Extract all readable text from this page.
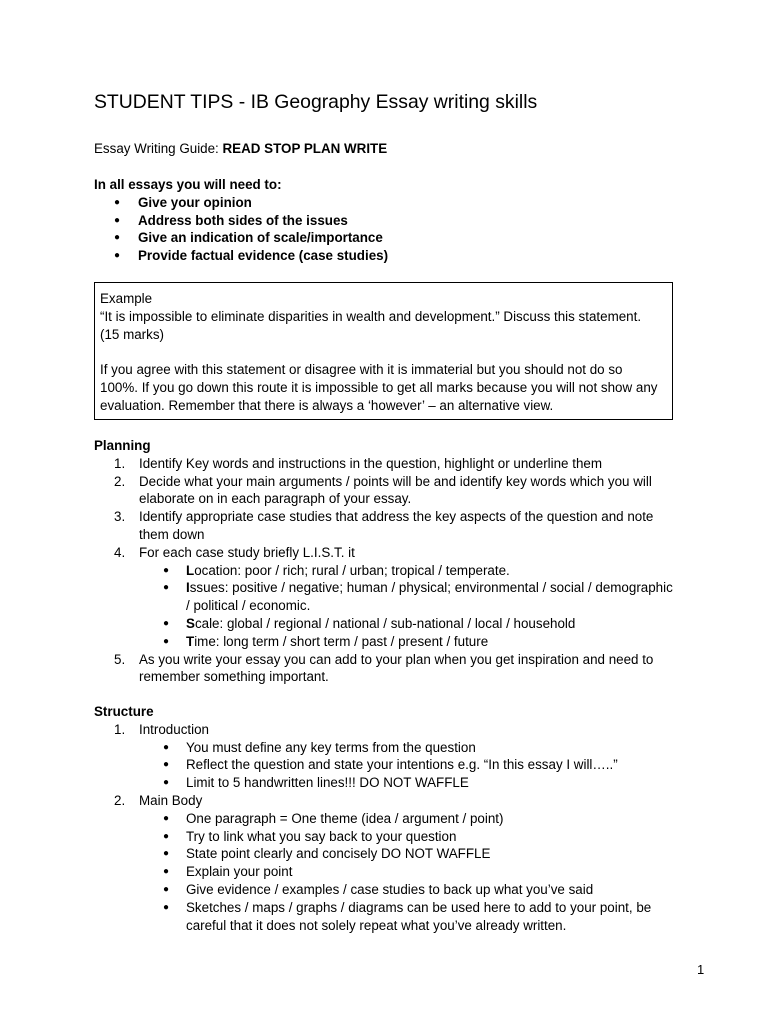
STUDENT TIPS - IB Geography Essay writing skills
Essay Writing Guide: READ STOP PLAN WRITE
In all essays you will need to:
● Give your opinion
● Address both sides of the issues
● Give an indication of scale/importance
● Provide factual evidence (case studies)

Example

“It is impossible to eliminate disparities in wealth and development.” Discuss this statement. (15 marks)

If you agree with this statement or disagree with it is immaterial but you should not do so 100%. If you go down this route it is impossible to get all marks because you will not show any evaluation. Remember that there is always a ‘however’ – an alternative view.

Planning
1. Identify Key words and instructions in the question, highlight or underline them
2. Decide what your main arguments / points will be and identify key words which you will elaborate on in each paragraph of your essay.
3. Identify appropriate case studies that address the key aspects of the question and note them down
4. For each case study briefly L.I.S.T. it
● Location: poor / rich; rural / urban; tropical / temperate.
● Issues: positive / negative; human / physical; environmental / social / demographic / political / economic.
● Scale: global / regional / national / sub-national / local / household
● Time: long term / short term / past / present / future
5. As you write your essay you can add to your plan when you get inspiration and need to remember something important.
Structure
1. Introduction
● You must define any key terms from the question
● Reflect the question and state your intentions e.g. “In this essay I will…..”
● Limit to 5 handwritten lines!!! DO NOT WAFFLE
2. Main Body
● One paragraph = One theme (idea / argument / point)
● Try to link what you say back to your question
● State point clearly and concisely DO NOT WAFFLE
● Explain your point
● Give evidence / examples / case studies to back up what you’ve said
● Sketches / maps / graphs / diagrams can be used here to add to your point, be careful that it does not solely repeat what you’ve already written.
1
